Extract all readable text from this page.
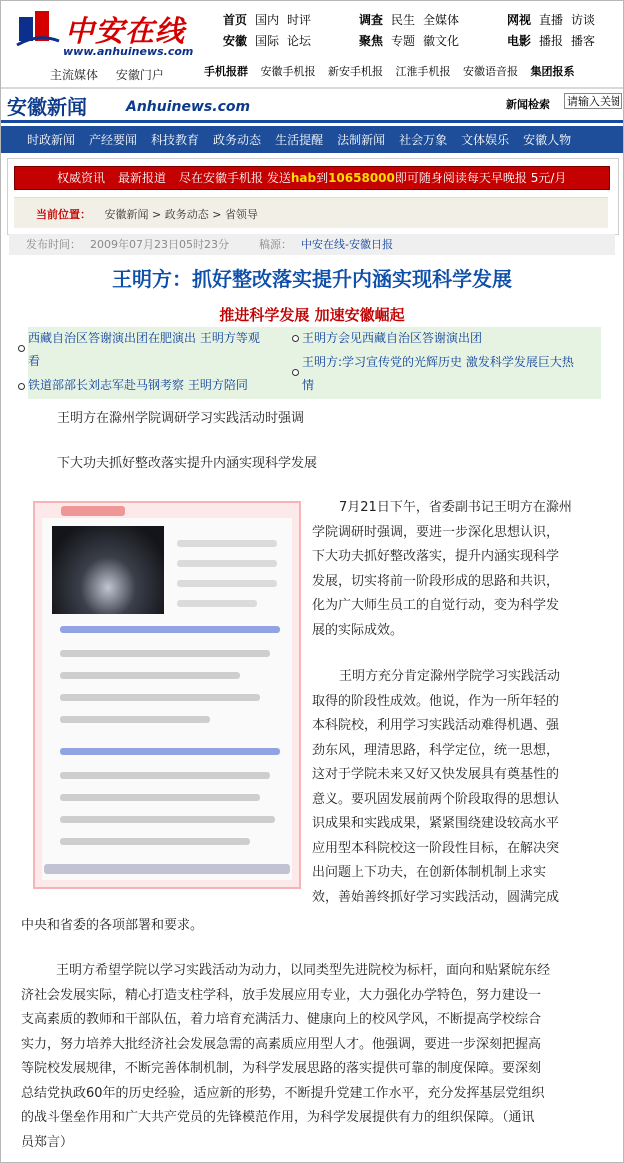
中安在线
www.anhuinews.com
首页 国内 时评
安徽 国际 论坛
调查 民生 全媒体
聚焦 专题 徽文化
网视 直播 访谈
电影 播报 播客
主流媒体 安徽门户	手机报群 安徽手机报 新安手机报 江淮手机报 安徽语音报 集团报系
安徽新闻	Anhuinews.com	新闻检索
请输入关键
时政新闻 产经要闻 科技教育 政务动态 生活提醒 法制新闻 社会万象 文体娱乐 安徽人物
权威资讯 最新报道 尽在安徽手机报 发送hab到10658000即可随身阅读每天早晚报 5元/月
当前位置： 安徽新闻 > 政务动态 > 省领导
发布时间： 2009年07月23日05时23分	稿源： 中安在线-安徽日报
王明方：抓好整改落实提升内涵实现科学发展
推进科学发展 加速安徽崛起
西藏自治区答谢演出团在肥演出 王明方等观
看
王明方会见西藏自治区答谢演出团
王明方:学习宣传党的光辉历史 激发科学发展巨大热
情
铁道部部长刘志军赴马钢考察 王明方陪同
王明方在滁州学院调研学习实践活动时强调
下大功夫抓好整改落实提升内涵实现科学发展
7月21日下午，省委副书记王明方在滁州
学院调研时强调，要进一步深化思想认识，
下大功夫抓好整改落实，提升内涵实现科学
发展，切实将前一阶段形成的思路和共识，
化为广大师生员工的自觉行动，变为科学发
展的实际成效。
王明方充分肯定滁州学院学习实践活动
取得的阶段性成效。他说，作为一所年轻的
本科院校，利用学习实践活动难得机遇、强
劲东风，理清思路，科学定位，统一思想，
这对于学院未来又好又快发展具有奠基性的
意义。要巩固发展前两个阶段取得的思想认
识成果和实践成果，紧紧围绕建设较高水平
应用型本科院校这一阶段性目标，在解决突
出问题上下功夫，在创新体制机制上求实
效，善始善终抓好学习实践活动，圆满完成
中央和省委的各项部署和要求。
王明方希望学院以学习实践活动为动力，以同类型先进院校为标杆，面向和贴紧皖东经
济社会发展实际，精心打造支柱学科，放手发展应用专业，大力强化办学特色，努力建设一
支高素质的教师和干部队伍，着力培育充满活力、健康向上的校风学风，不断提高学校综合
实力，努力培养大批经济社会发展急需的高素质应用型人才。他强调，要进一步深刻把握高
等院校发展规律，不断完善体制机制，为科学发展思路的落实提供可靠的制度保障。要深刻
总结党执政60年的历史经验，适应新的形势，不断提升党建工作水平，充分发挥基层党组织
的战斗堡垒作用和广大共产党员的先锋模范作用，为科学发展提供有力的组织保障。（通讯
员郑言）
